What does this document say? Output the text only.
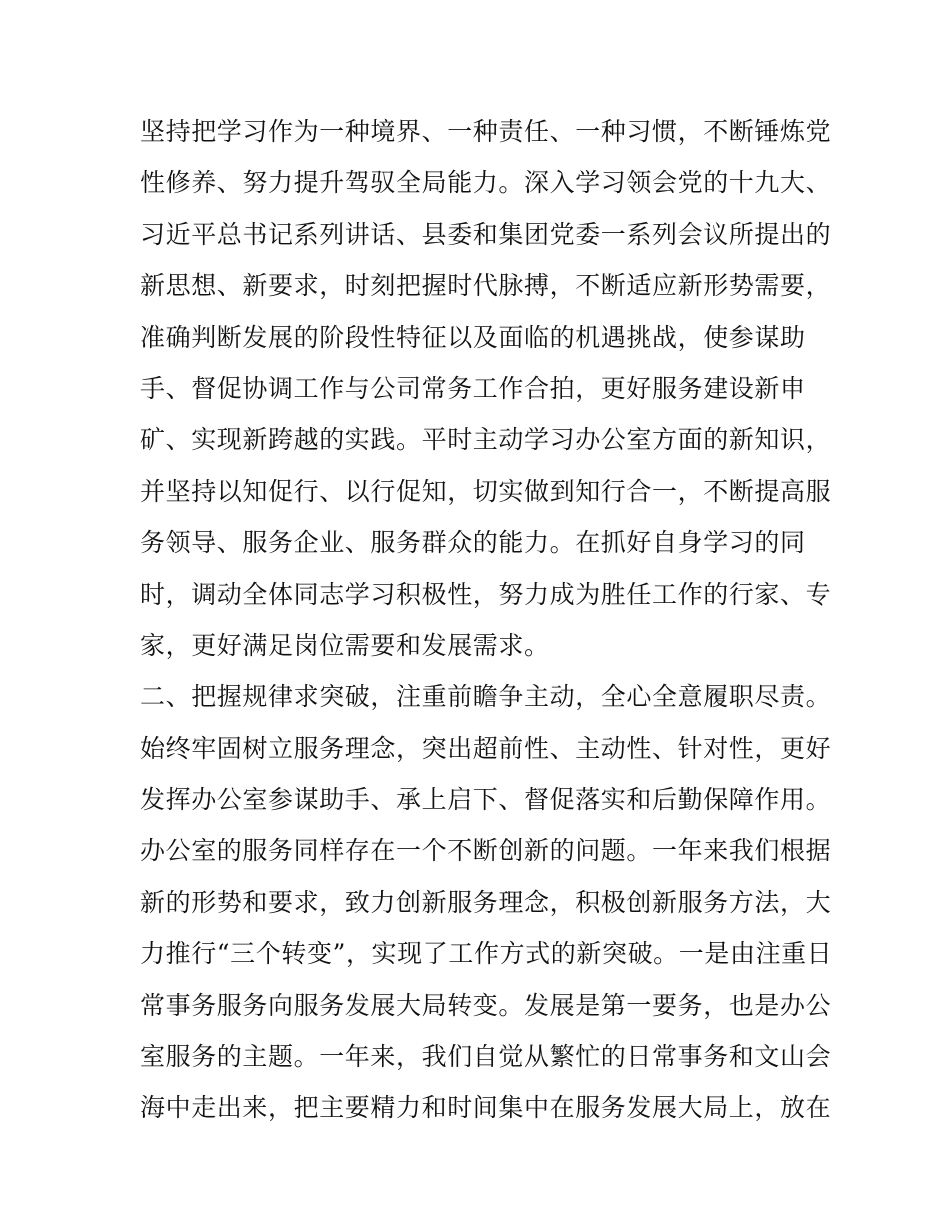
坚持把学习作为一种境界、一种责任、一种习惯，不断锤炼党
性修养、努力提升驾驭全局能力。深入学习领会党的十九大、
习近平总书记系列讲话、县委和集团党委一系列会议所提出的
新思想、新要求，时刻把握时代脉搏，不断适应新形势需要，
准确判断发展的阶段性特征以及面临的机遇挑战，使参谋助
手、督促协调工作与公司常务工作合拍，更好服务建设新申
矿、实现新跨越的实践。平时主动学习办公室方面的新知识，
并坚持以知促行、以行促知，切实做到知行合一，不断提高服
务领导、服务企业、服务群众的能力。在抓好自身学习的同
时，调动全体同志学习积极性，努力成为胜任工作的行家、专
家，更好满足岗位需要和发展需求。
二、把握规律求突破，注重前瞻争主动，全心全意履职尽责。
始终牢固树立服务理念，突出超前性、主动性、针对性，更好
发挥办公室参谋助手、承上启下、督促落实和后勤保障作用。
办公室的服务同样存在一个不断创新的问题。一年来我们根据
新的形势和要求，致力创新服务理念，积极创新服务方法，大
力推行“三个转变”，实现了工作方式的新突破。一是由注重日
常事务服务向服务发展大局转变。发展是第一要务，也是办公
室服务的主题。一年来，我们自觉从繁忙的日常事务和文山会
海中走出来，把主要精力和时间集中在服务发展大局上，放在
